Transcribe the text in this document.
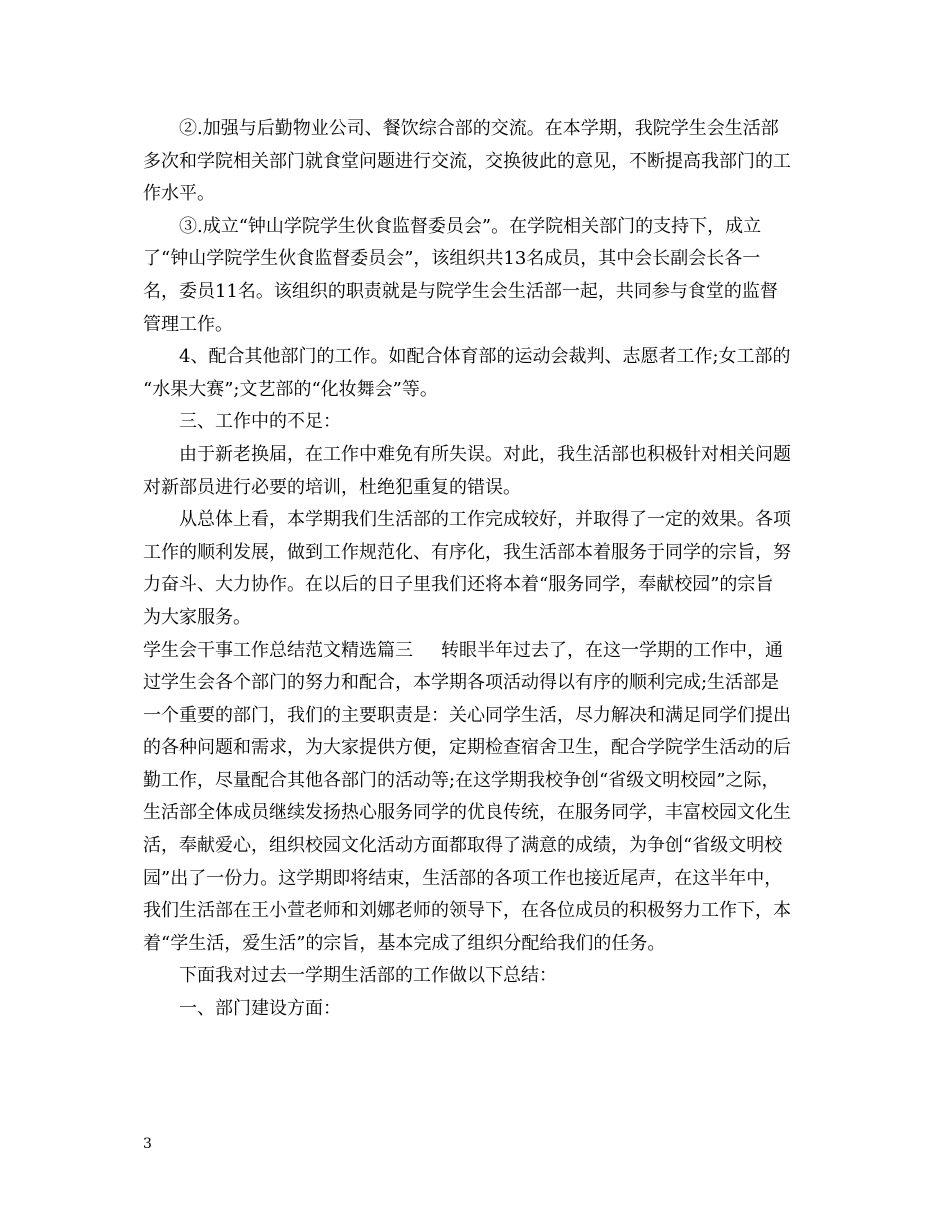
②.加强与后勤物业公司、餐饮综合部的交流。在本学期，我院学生会生活部
多次和学院相关部门就食堂问题进行交流，交换彼此的意见，不断提高我部门的工
作水平。
③.成立“钟山学院学生伙食监督委员会”。在学院相关部门的支持下，成立
了“钟山学院学生伙食监督委员会”，该组织共13名成员，其中会长副会长各一
名，委员11名。该组织的职责就是与院学生会生活部一起，共同参与食堂的监督
管理工作。
4、配合其他部门的工作。如配合体育部的运动会裁判、志愿者工作;女工部的
“水果大赛”;文艺部的“化妆舞会”等。
三、工作中的不足：
由于新老换届，在工作中难免有所失误。对此，我生活部也积极针对相关问题
对新部员进行必要的培训，杜绝犯重复的错误。
从总体上看，本学期我们生活部的工作完成较好，并取得了一定的效果。各项
工作的顺利发展，做到工作规范化、有序化，我生活部本着服务于同学的宗旨，努
力奋斗、大力协作。在以后的日子里我们还将本着“服务同学，奉献校园”的宗旨
为大家服务。
学生会干事工作总结范文精选篇三 转眼半年过去了，在这一学期的工作中，通
过学生会各个部门的努力和配合，本学期各项活动得以有序的顺利完成;生活部是
一个重要的部门，我们的主要职责是：关心同学生活，尽力解决和满足同学们提出
的各种问题和需求，为大家提供方便，定期检查宿舍卫生，配合学院学生活动的后
勤工作，尽量配合其他各部门的活动等;在这学期我校争创“省级文明校园”之际，
生活部全体成员继续发扬热心服务同学的优良传统，在服务同学，丰富校园文化生
活，奉献爱心，组织校园文化活动方面都取得了满意的成绩，为争创“省级文明校
园”出了一份力。这学期即将结束，生活部的各项工作也接近尾声，在这半年中，
我们生活部在王小萱老师和刘娜老师的领导下，在各位成员的积极努力工作下，本
着“学生活，爱生活”的宗旨，基本完成了组织分配给我们的任务。
下面我对过去一学期生活部的工作做以下总结：
一、部门建设方面：
3
